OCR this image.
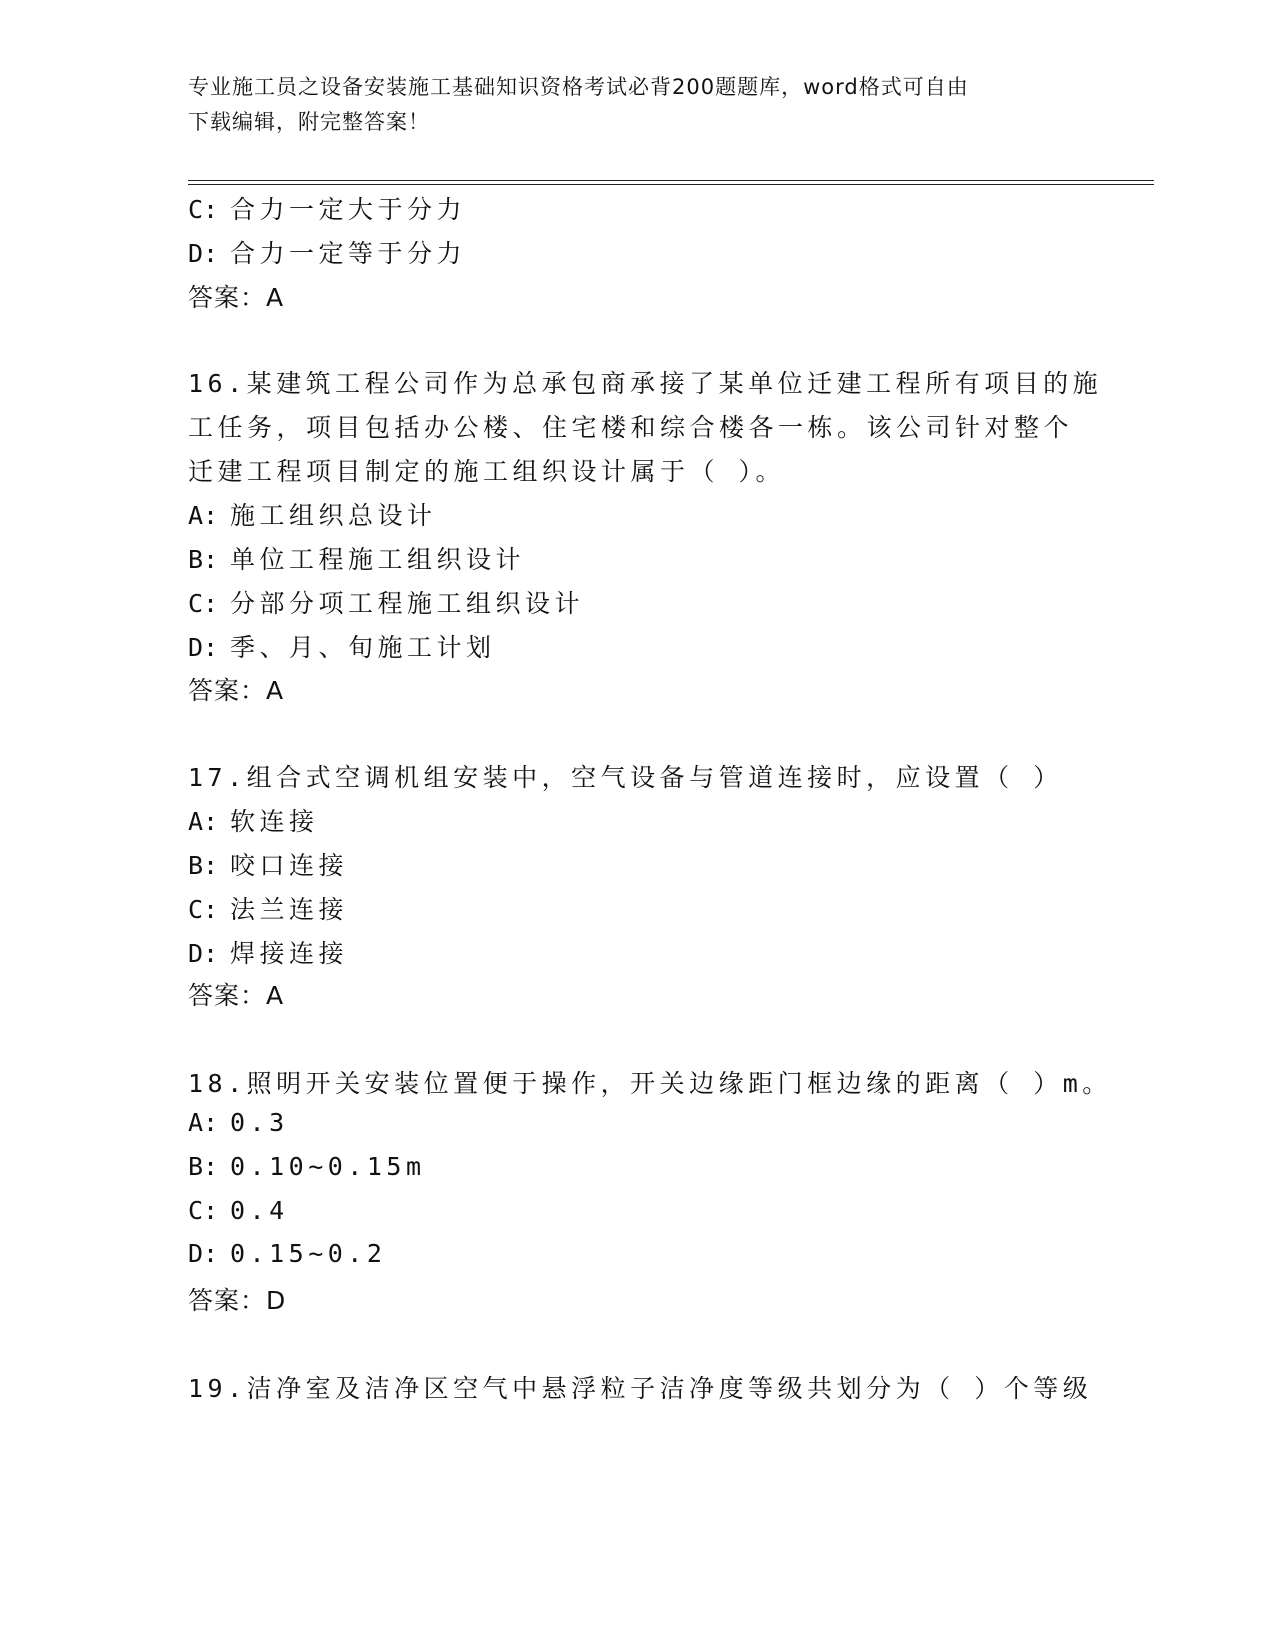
专业施工员之设备安装施工基础知识资格考试必背200题题库，word格式可自由
下载编辑，附完整答案！
C: 合力一定大于分力
D: 合力一定等于分力
答案：A
16.某建筑工程公司作为总承包商承接了某单位迁建工程所有项目的施
工任务，项目包括办公楼、住宅楼和综合楼各一栋。该公司针对整个
迁建工程项目制定的施工组织设计属于（ ）。
A: 施工组织总设计
B: 单位工程施工组织设计
C: 分部分项工程施工组织设计
D: 季、月、旬施工计划
答案：A
17.组合式空调机组安装中，空气设备与管道连接时，应设置（ ）
A: 软连接
B: 咬口连接
C: 法兰连接
D: 焊接连接
答案：A
18.照明开关安装位置便于操作，开关边缘距门框边缘的距离（ ）m。
A: 0.3
B: 0.10~0.15m
C: 0.4
D: 0.15~0.2
答案：D
19.洁净室及洁净区空气中悬浮粒子洁净度等级共划分为（ ）个等级
